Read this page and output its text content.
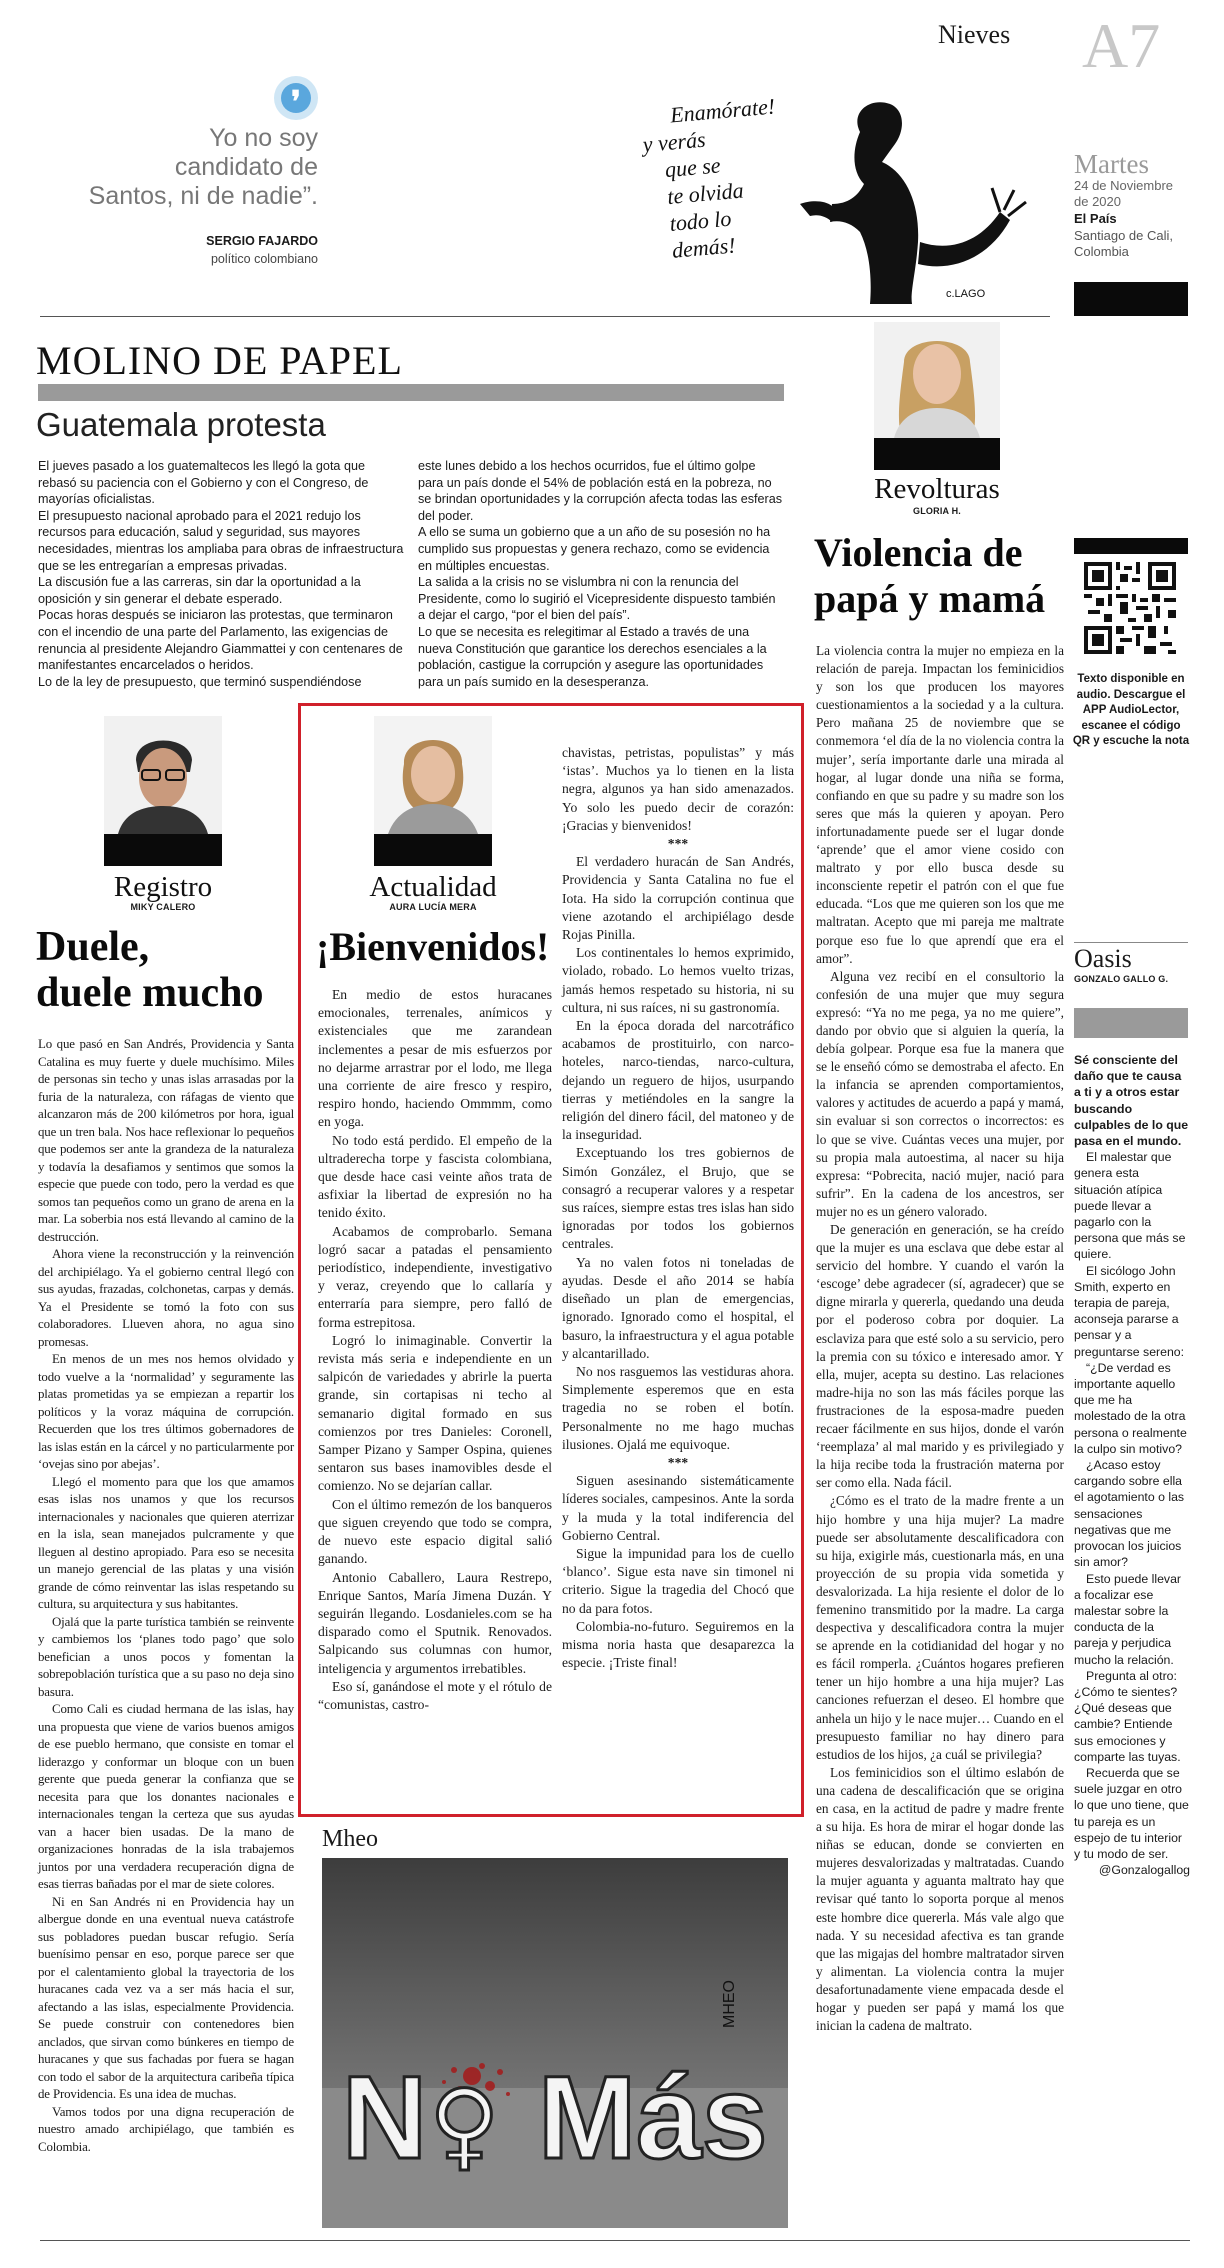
Nieves A7
Martes
24 de Noviembre
de 2020
El País
Santiago de Cali,
Colombia
❜
Yo no soy
candidato de
Santos, ni de nadie”.
SERGIO FAJARDO
político colombiano
c.LAGO
Enamórate!
y verás
que se
te olvida
todo lo
demás!
MOLINO DE PAPEL
Guatemala protesta

El jueves pasado a los guatemaltecos les llegó la gota que rebasó su paciencia con el Gobierno y con el Congreso, de mayorías oficialistas.

El presupuesto nacional aprobado para el 2021 redujo los recursos para educación, salud y seguridad, sus mayores necesidades, mientras los ampliaba para obras de infraestructura que se les entregarían a empresas privadas.

La discusión fue a las carreras, sin dar la oportunidad a la oposición y sin generar el debate esperado.

Pocas horas después se iniciaron las protestas, que terminaron con el incendio de una parte del Parlamento, las exigencias de renuncia al presidente Alejandro Giammattei y con centenares de manifestantes encarcelados o heridos.

Lo de la ley de presupuesto, que terminó suspendiéndose

este lunes debido a los hechos ocurridos, fue el último golpe para un país donde el 54% de población está en la pobreza, no se brindan oportunidades y la corrupción afecta todas las esferas del poder.

A ello se suma un gobierno que a un año de su posesión no ha cumplido sus propuestas y genera rechazo, como se evidencia en múltiples encuestas.

La salida a la crisis no se vislumbra ni con la renuncia del Presidente, como lo sugirió el Vicepresidente dispuesto también a dejar el cargo, “por el bien del país”.

Lo que se necesita es relegitimar al Estado a través de una nueva Constitución que garantice los derechos esenciales a la población, castigue la corrupción y asegure las oportunidades para un país sumido en la desesperanza.

Revolturas
GLORIA H.
Violencia de
papá y mamá

La violencia contra la mujer no empieza en la relación de pareja. Impactan los feminicidios y son los que producen los mayores cuestionamientos a la sociedad y a la cultura. Pero mañana 25 de noviembre que se conmemora ‘el día de la no violencia contra la mujer’, sería importante darle una mirada al hogar, al lugar donde una niña se forma, confiando en que su padre y su madre son los seres que más la quieren y apoyan. Pero infortunadamente puede ser el lugar donde ‘aprende’ que el amor viene cosido con maltrato y por ello busca desde su inconsciente repetir el patrón con el que fue educada. “Los que me quieren son los que me maltratan. Acepto que mi pareja me maltrate porque eso fue lo que aprendí que era el amor”.

Alguna vez recibí en el consultorio la confesión de una mujer que muy segura expresó: “Ya no me pega, ya no me quiere”, dando por obvio que si alguien la quería, la debía golpear. Porque esa fue la manera que se le enseñó cómo se demostraba el afecto. En la infancia se aprenden comportamientos, valores y actitudes de acuerdo a papá y mamá, sin evaluar si son correctos o incorrectos: es lo que se vive. Cuántas veces una mujer, por su propia mala autoestima, al nacer su hija expresa: “Pobrecita, nació mujer, nació para sufrir”. En la cadena de los ancestros, ser mujer no es un género valorado.

De generación en generación, se ha creído que la mujer es una esclava que debe estar al servicio del hombre. Y cuando el varón la ‘escoge’ debe agradecer (sí, agradecer) que se digne mirarla y quererla, quedando una deuda por el poderoso cobra por doquier. La esclaviza para que esté solo a su servicio, pero la premia con su tóxico e interesado amor. Y ella, mujer, acepta su destino. Las relaciones madre-hija no son las más fáciles porque las frustraciones de la esposa-madre pueden recaer fácilmente en sus hijos, donde el varón ‘reemplaza’ al mal marido y es privilegiado y la hija recibe toda la frustración materna por ser como ella. Nada fácil.

¿Cómo es el trato de la madre frente a un hijo hombre y una hija mujer? La madre puede ser absolutamente descalificadora con su hija, exigirle más, cuestionarla más, en una proyección de su propia vida sometida y desvalorizada. La hija resiente el dolor de lo femenino transmitido por la madre. La carga despectiva y descalificadora contra la mujer se aprende en la cotidianidad del hogar y no es fácil romperla. ¿Cuántos hogares prefieren tener un hijo hombre a una hija mujer? Las canciones refuerzan el deseo. El hombre que anhela un hijo y le nace mujer… Cuando en el presupuesto familiar no hay dinero para estudios de los hijos, ¿a cuál se privilegia?

Los feminicidios son el último eslabón de una cadena de descalificación que se origina en casa, en la actitud de padre y madre frente a su hija. Es hora de mirar el hogar donde las niñas se educan, donde se convierten en mujeres desvalorizadas y maltratadas. Cuando la mujer aguanta y aguanta maltrato hay que revisar qué tanto lo soporta porque al menos este hombre dice quererla. Más vale algo que nada. Y su necesidad afectiva es tan grande que las migajas del hombre maltratador sirven y alimentan. La violencia contra la mujer desafortunadamente viene empacada desde el hogar y pueden ser papá y mamá los que inician la cadena de maltrato.

Texto disponible en audio. Descargue el APP AudioLector, escanee el código QR y escuche la nota
Oasis
GONZALO GALLO G.

Sé consciente del daño que te causa a ti y a otros estar buscando culpables de lo que pasa en el mundo.

El malestar que genera esta situación atípica puede llevar a pagarlo con la persona que más se quiere.

El sicólogo John Smith, experto en terapia de pareja, aconseja pararse a pensar y a preguntarse sereno:

“¿De verdad es importante aquello que me ha molestado de la otra persona o realmente la culpo sin motivo?

¿Acaso estoy cargando sobre ella el agotamiento o las sensaciones negativas que me provocan los juicios sin amor?

Esto puede llevar a focalizar ese malestar sobre la conducta de la pareja y perjudica mucho la relación.

Pregunta al otro: ¿Cómo te sientes? ¿Qué deseas que cambie? Entiende sus emociones y comparte las tuyas.

Recuerda que se suele juzgar en otro lo que uno tiene, que tu pareja es un espejo de tu interior y tu modo de ser.

@Gonzalogallog

Registro
MIKY CALERO
Duele,
duele mucho

Lo que pasó en San Andrés, Providencia y Santa Catalina es muy fuerte y duele muchísimo. Miles de personas sin techo y unas islas arrasadas por la furia de la naturaleza, con ráfagas de viento que alcanzaron más de 200 kilómetros por hora, igual que un tren bala. Nos hace reflexionar lo pequeños que podemos ser ante la grandeza de la naturaleza y todavía la desafiamos y sentimos que somos la especie que puede con todo, pero la verdad es que somos tan pequeños como un grano de arena en la mar. La soberbia nos está llevando al camino de la destrucción.

Ahora viene la reconstrucción y la reinvención del archipiélago. Ya el gobierno central llegó con sus ayudas, frazadas, colchonetas, carpas y demás. Ya el Presidente se tomó la foto con sus colaboradores. Llueven ahora, no agua sino promesas.

En menos de un mes nos hemos olvidado y todo vuelve a la ‘normalidad’ y seguramente las platas prometidas ya se empiezan a repartir los políticos y la voraz máquina de corrupción. Recuerden que los tres últimos gobernadores de las islas están en la cárcel y no particularmente por ‘ovejas sino por abejas’.

Llegó el momento para que los que amamos esas islas nos unamos y que los recursos internacionales y nacionales que quieren aterrizar en la isla, sean manejados pulcramente y que lleguen al destino apropiado. Para eso se necesita un manejo gerencial de las platas y una visión grande de cómo reinventar las islas respetando su cultura, su arquitectura y sus habitantes.

Ojalá que la parte turística también se reinvente y cambiemos los ‘planes todo pago’ que solo benefician a unos pocos y fomentan la sobrepoblación turística que a su paso no deja sino basura.

Como Cali es ciudad hermana de las islas, hay una propuesta que viene de varios buenos amigos de ese pueblo hermano, que consiste en tomar el liderazgo y conformar un bloque con un buen gerente que pueda generar la confianza que se necesita para que los donantes nacionales e internacionales tengan la certeza que sus ayudas van a hacer bien usadas. De la mano de organizaciones honradas de la isla trabajemos juntos por una verdadera recuperación digna de esas tierras bañadas por el mar de siete colores.

Ni en San Andrés ni en Providencia hay un albergue donde en una eventual nueva catástrofe sus pobladores puedan buscar refugio. Sería buenísimo pensar en eso, porque parece ser que por el calentamiento global la trayectoria de los huracanes cada vez va a ser más hacia el sur, afectando a las islas, especialmente Providencia. Se puede construir con contenedores bien anclados, que sirvan como búnkeres en tiempo de huracanes y que sus fachadas por fuera se hagan con todo el sabor de la arquitectura caribeña típica de Providencia. Es una idea de muchas.

Vamos todos por una digna recuperación de nuestro amado archipiélago, que también es Colombia.

Actualidad
AURA LUCÍA MERA
¡Bienvenidos!

En medio de estos huracanes emocionales, terrenales, anímicos y existenciales que me zarandean inclementes a pesar de mis esfuerzos por no dejarme arrastrar por el lodo, me llega una corriente de aire fresco y respiro, respiro hondo, haciendo Ommmm, como en yoga.

No todo está perdido. El empeño de la ultraderecha torpe y fascista colombiana, que desde hace casi veinte años trata de asfixiar la libertad de expresión no ha tenido éxito.

Acabamos de comprobarlo. Semana logró sacar a patadas el pensamiento periodístico, independiente, investigativo y veraz, creyendo que lo callaría y enterraría para siempre, pero falló de forma estrepitosa.

Logró lo inimaginable. Convertir la revista más seria e independiente en un salpicón de variedades y abrirle la puerta grande, sin cortapisas ni techo al semanario digital formado en sus comienzos por tres Danieles: Coronell, Samper Pizano y Samper Ospina, quienes sentaron sus bases inamovibles desde el comienzo. No se dejarían callar.

Con el último remezón de los banqueros que siguen creyendo que todo se compra, de nuevo este espacio digital salió ganando.

Antonio Caballero, Laura Restrepo, Enrique Santos, María Jimena Duzán. Y seguirán llegando. Losdanieles.com se ha disparado como el Sputnik. Renovados. Salpicando sus columnas con humor, inteligencia y argumentos irrebatibles.

Eso sí, ganándose el mote y el rótulo de “comunistas, castro-

chavistas, petristas, populistas” y más ‘istas’. Muchos ya lo tienen en la lista negra, algunos ya han sido amenazados. Yo solo les puedo decir de corazón: ¡Gracias y bienvenidos!

***

El verdadero huracán de San Andrés, Providencia y Santa Catalina no fue el Iota. Ha sido la corrupción continua que viene azotando el archipiélago desde Rojas Pinilla.

Los continentales lo hemos exprimido, violado, robado. Lo hemos vuelto trizas, jamás hemos respetado su historia, ni su cultura, ni sus raíces, ni su gastronomía.

En la época dorada del narcotráfico acabamos de prostituirlo, con narco-hoteles, narco-tiendas, narco-cultura, dejando un reguero de hijos, usurpando tierras y metiéndoles en la sangre la religión del dinero fácil, del matoneo y de la inseguridad.

Exceptuando los tres gobiernos de Simón González, el Brujo, que se consagró a recuperar valores y a respetar sus raíces, siempre estas tres islas han sido ignoradas por todos los gobiernos centrales.

Ya no valen fotos ni toneladas de ayudas. Desde el año 2014 se había diseñado un plan de emergencias, ignorado. Ignorado como el hospital, el basuro, la infraestructura y el agua potable y alcantarillado.

No nos rasguemos las vestiduras ahora. Simplemente esperemos que en esta tragedia no se roben el botín. Personalmente no me hago muchas ilusiones. Ojalá me equivoque.

***

Siguen asesinando sistemáticamente líderes sociales, campesinos. Ante la sorda y la muda y la total indiferencia del Gobierno Central.

Sigue la impunidad para los de cuello ‘blanco’. Sigue esta nave sin timonel ni criterio. Sigue la tragedia del Chocó que no da para fotos.

Colombia-no-futuro. Seguiremos en la misma noria hasta que desaparezca la especie. ¡Triste final!

Mheo
MHEO
N♀ Más
